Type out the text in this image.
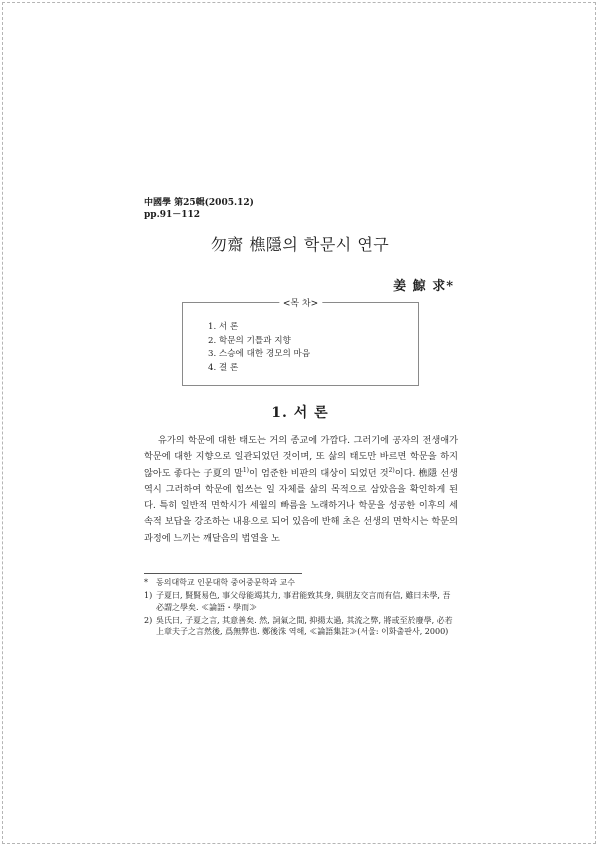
中國學 第25輯(2005.12)
pp.91－112
勿齋 樵隱의 학문시 연구
姜 鯨 求*
<목 차>
1. 서 론
2. 학문의 기틀과 지향
3. 스승에 대한 경모의 마음
4. 결 론
1. 서 론

유가의 학문에 대한 태도는 거의 종교에 가깝다. 그러기에 공자의 전생애가 학문에 대한 지향으로 일관되었던 것이며, 또 삶의 태도만 바르면 학문을 하지 않아도 좋다는 子夏의 말$^{1)}$이 엄준한 비판의 대상이 되었던 것$^{2)}$이다. 樵隱 선생 역시 그러하여 학문에 힘쓰는 일 자체를 삶의 목적으로 삼았음을 확인하게 된다. 특히 일반적 면학시가 세월의 빠름을 노래하거나 학문을 성공한 이후의 세속적 보답을 강조하는 내용으로 되어 있음에 반해 초은 선생의 면학시는 학문의 과정에 느끼는 깨달음의 법열을 노

*	동의대학교 인문대학 중어중문학과 교수
1) 子夏曰, 賢賢易色, 事父母能竭其力, 事君能致其身, 與朋友交言而有信, 雖曰未學, 吾必謂之學矣. ≪論語・學而≫
2) 吳氏曰, 子夏之言, 其意善矣. 然, 詞氣之間, 抑揚太過, 其流之弊, 將或至於廢學, 必若上章夫子之言然後, 爲無弊也. 鄭後洙 역해, ≪論語集註≫(서울: 이화출판사, 2000)
